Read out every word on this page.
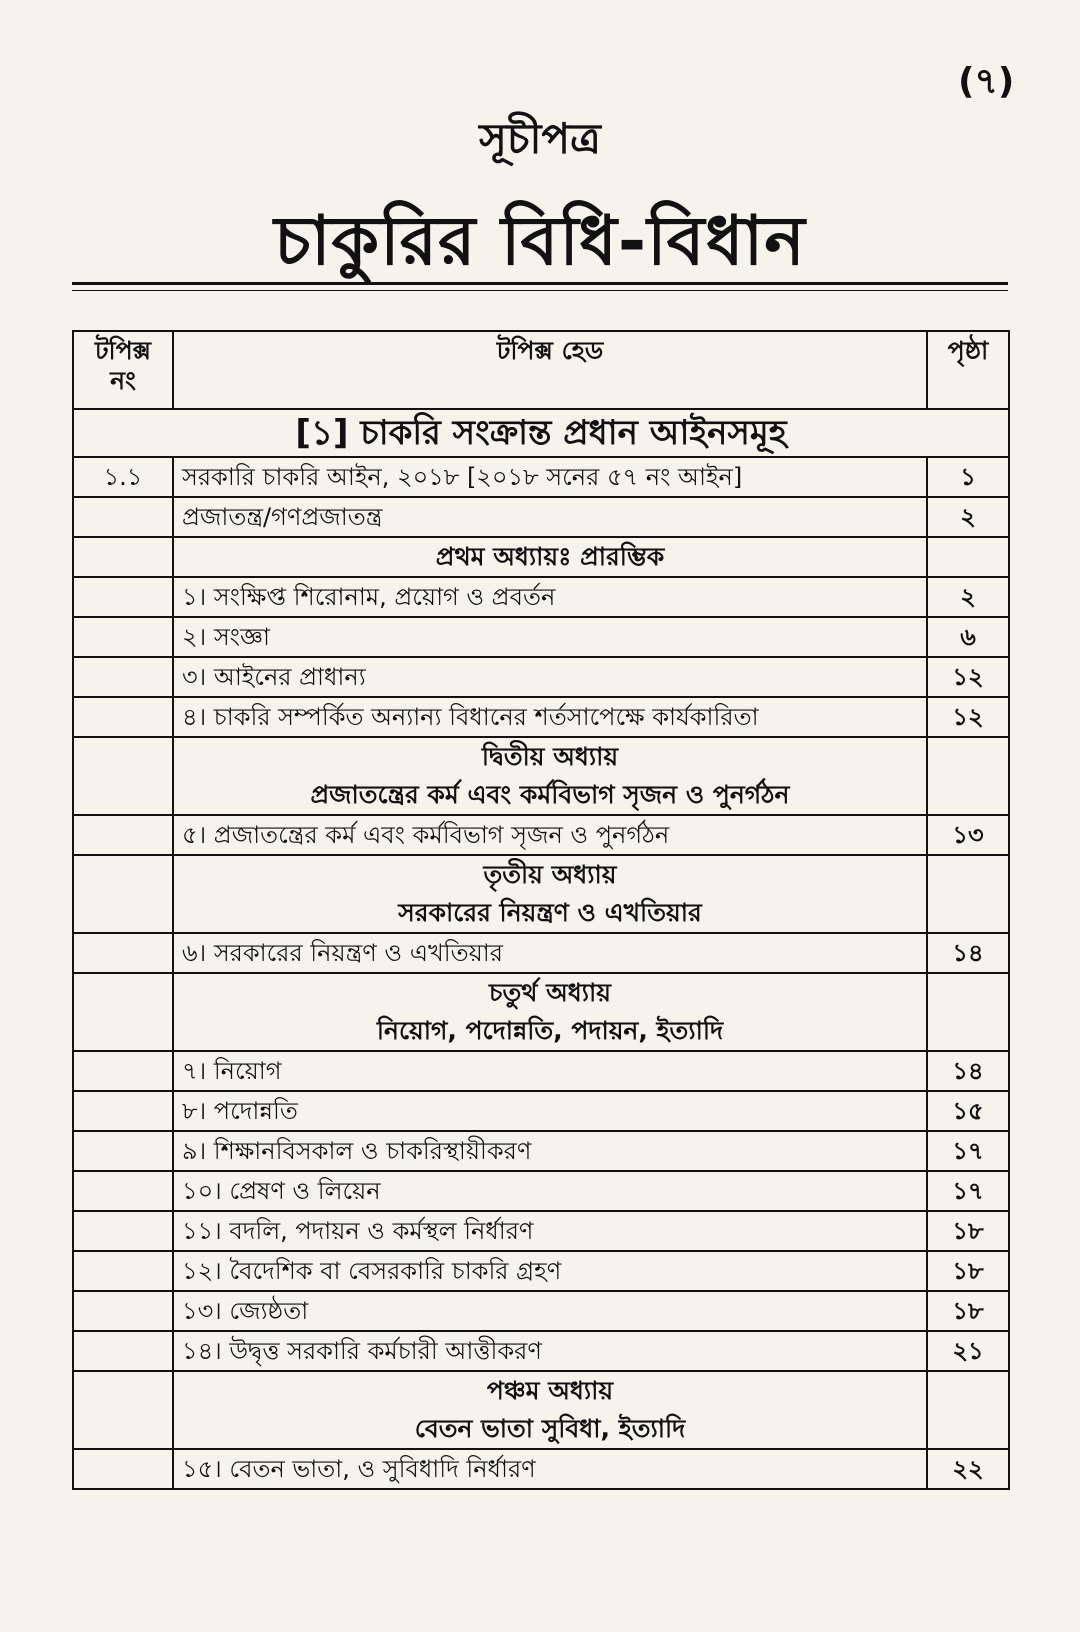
(৭)
সূচীপত্র
চাকুরির বিধি-বিধান
টপিক্স নং	টপিক্স হেড	পৃষ্ঠা
[১] চাকরি সংক্রান্ত প্রধান আইনসমূহ		
১.১	সরকারি চাকরি আইন, ২০১৮ [২০১৮ সনের ৫৭ নং আইন]	১
	প্রজাতন্ত্র/গণপ্রজাতন্ত্র	২
	প্রথম অধ্যায়ঃ প্রারম্ভিক	
	১। সংক্ষিপ্ত শিরোনাম, প্রয়োগ ও প্রবর্তন	২
	২। সংজ্ঞা	৬
	৩। আইনের প্রাধান্য	১২
	৪। চাকরি সম্পর্কিত অন্যান্য বিধানের শর্তসাপেক্ষে কার্যকারিতা	১২
	দ্বিতীয় অধ্যায়	
	প্রজাতন্ত্রের কর্ম এবং কর্মবিভাগ সৃজন ও পুনর্গঠন	
	৫। প্রজাতন্ত্রের কর্ম এবং কর্মবিভাগ সৃজন ও পুনর্গঠন	১৩
	তৃতীয় অধ্যায়	
	সরকারের নিয়ন্ত্রণ ও এখতিয়ার	
	৬। সরকারের নিয়ন্ত্রণ ও এখতিয়ার	১৪
	চতুর্থ অধ্যায়	
	নিয়োগ, পদোন্নতি, পদায়ন, ইত্যাদি	
	৭। নিয়োগ	১৪
	৮। পদোন্নতি	১৫
	৯। শিক্ষানবিসকাল ও চাকরিস্থায়ীকরণ	১৭
	১০। প্রেষণ ও লিয়েন	১৭
	১১। বদলি, পদায়ন ও কর্মস্থল নির্ধারণ	১৮
	১২। বৈদেশিক বা বেসরকারি চাকরি গ্রহণ	১৮
	১৩। জ্যেষ্ঠতা	১৮
	১৪। উদ্বৃত্ত সরকারি কর্মচারী আত্তীকরণ	২১
	পঞ্চম অধ্যায়	
	বেতন ভাতা সুবিধা, ইত্যাদি	
	১৫। বেতন ভাতা, ও সুবিধাদি নির্ধারণ	২২
